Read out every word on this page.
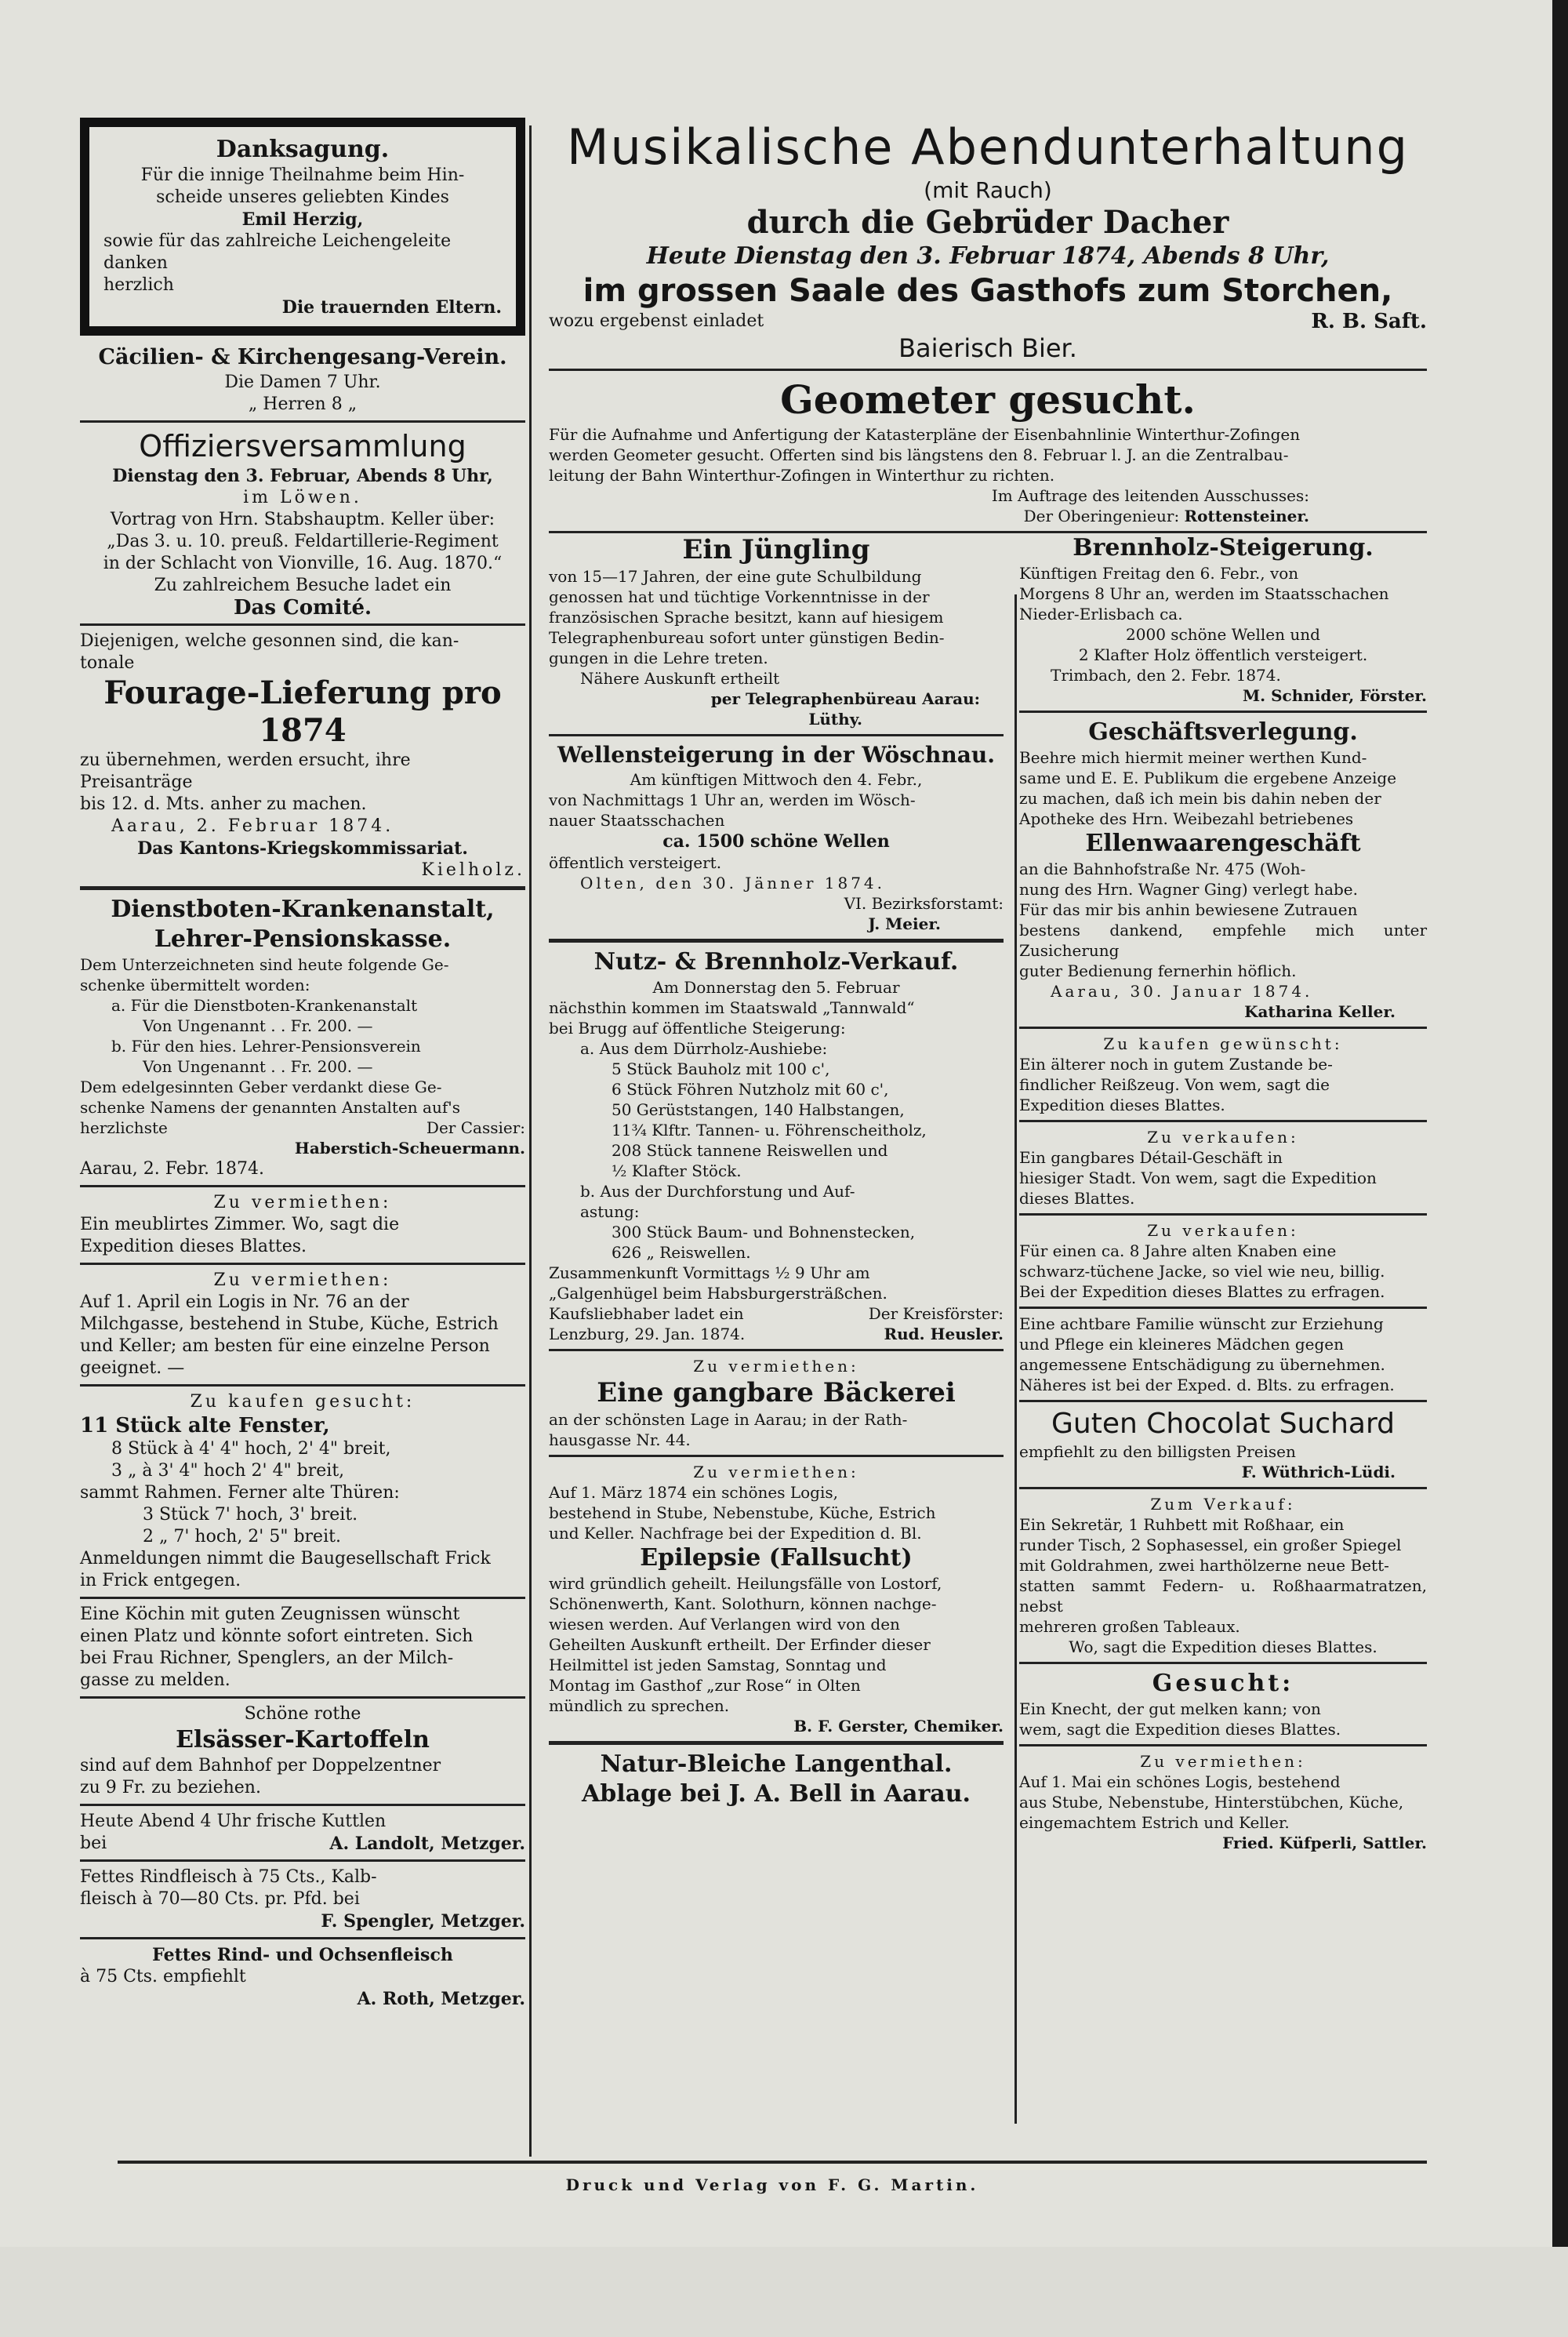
Danksagung.

Für die innige Theilnahme beim Hin-

scheide unseres geliebten Kindes

Emil Herzig,

sowie für das zahlreiche Leichengeleite danken

herzlich

Die trauernden Eltern.

Cäcilien- & Kirchengesang-Verein.

Die Damen 7 Uhr.

„ Herren 8 „

Offiziersversammlung

Dienstag den 3. Februar, Abends 8 Uhr,

im Löwen.

Vortrag von Hrn. Stabshauptm. Keller über:

„Das 3. u. 10. preuß. Feldartillerie-Regiment

in der Schlacht von Vionville, 16. Aug. 1870.“

Zu zahlreichem Besuche ladet ein

Das Comité.

Diejenigen, welche gesonnen sind, die kan-

tonale

Fourage-Lieferung pro 1874

zu übernehmen, werden ersucht, ihre Preisanträge

bis 12. d. Mts. anher zu machen.

Aarau, 2. Februar 1874.

Das Kantons-Kriegskommissariat.

Kielholz.

Dienstboten-Krankenanstalt,

Lehrer-Pensionskasse.

Dem Unterzeichneten sind heute folgende Ge-

schenke übermittelt worden:

a. Für die Dienstboten-Krankenanstalt

Von Ungenannt . . Fr. 200. —

b. Für den hies. Lehrer-Pensionsverein

Von Ungenannt . . Fr. 200. —

Dem edelgesinnten Geber verdankt diese Ge-

schenke Namens der genannten Anstalten auf's

herzlichste	Der Cassier:

Haberstich-Scheuermann.

Aarau, 2. Febr. 1874.

Zu vermiethen:

Ein meublirtes Zimmer. Wo, sagt die

Expedition dieses Blattes.

Zu vermiethen:

Auf 1. April ein Logis in Nr. 76 an der

Milchgasse, bestehend in Stube, Küche, Estrich

und Keller; am besten für eine einzelne Person

geeignet. —

Zu kaufen gesucht:

11 Stück alte Fenster,

8 Stück à 4' 4" hoch, 2' 4" breit,

3 „ à 3' 4" hoch 2' 4" breit,

sammt Rahmen. Ferner alte Thüren:

3 Stück 7' hoch, 3' breit.

2 „ 7' hoch, 2' 5" breit.

Anmeldungen nimmt die Baugesellschaft Frick

in Frick entgegen.

Eine Köchin mit guten Zeugnissen wünscht

einen Platz und könnte sofort eintreten. Sich

bei Frau Richner, Spenglers, an der Milch-

gasse zu melden.

Schöne rothe

Elsässer-Kartoffeln

sind auf dem Bahnhof per Doppelzentner

zu 9 Fr. zu beziehen.

Heute Abend 4 Uhr frische Kuttlen

bei	A. Landolt, Metzger.

Fettes Rindfleisch à 75 Cts., Kalb-

fleisch à 70—80 Cts. pr. Pfd. bei

F. Spengler, Metzger.

Fettes Rind- und Ochsenfleisch

à 75 Cts. empfiehlt

A. Roth, Metzger.

Musikalische Abendunterhaltung

(mit Rauch)

durch die Gebrüder Dacher

Heute Dienstag den 3. Februar 1874, Abends 8 Uhr,

im grossen Saale des Gasthofs zum Storchen,

wozu ergebenst einladet	R. B. Saft.

Baierisch Bier.

Geometer gesucht.

Für die Aufnahme und Anfertigung der Katasterpläne der Eisenbahnlinie Winterthur-Zofingen

werden Geometer gesucht. Offerten sind bis längstens den 8. Februar l. J. an die Zentralbau-

leitung der Bahn Winterthur-Zofingen in Winterthur zu richten.

Im Auftrage des leitenden Ausschusses:

Der Oberingenieur: Rottensteiner.

Ein Jüngling

von 15—17 Jahren, der eine gute Schulbildung

genossen hat und tüchtige Vorkenntnisse in der

französischen Sprache besitzt, kann auf hiesigem

Telegraphenbureau sofort unter günstigen Bedin-

gungen in die Lehre treten.

Nähere Auskunft ertheilt

per Telegraphenbüreau Aarau:

Lüthy.

Wellensteigerung in der Wöschnau.

Am künftigen Mittwoch den 4. Febr.,

von Nachmittags 1 Uhr an, werden im Wösch-

nauer Staatsschachen

ca. 1500 schöne Wellen

öffentlich versteigert.

Olten, den 30. Jänner 1874.

VI. Bezirksforstamt:

J. Meier.

Nutz- & Brennholz-Verkauf.

Am Donnerstag den 5. Februar

nächsthin kommen im Staatswald „Tannwald“

bei Brugg auf öffentliche Steigerung:

a. Aus dem Dürrholz-Aushiebe:

5 Stück Bauholz mit 100 c',

6 Stück Föhren Nutzholz mit 60 c',

50 Gerüststangen, 140 Halbstangen,

11¾ Klftr. Tannen- u. Föhrenscheitholz,

208 Stück tannene Reiswellen und

½ Klafter Stöck.

b. Aus der Durchforstung und Auf-

astung:

300 Stück Baum- und Bohnenstecken,

626 „ Reiswellen.

Zusammenkunft Vormittags ½ 9 Uhr am

„Galgenhügel beim Habsburgersträßchen.

Kaufsliebhaber ladet ein	Der Kreisförster:
Lenzburg, 29. Jan. 1874.	Rud. Heusler.

Zu vermiethen:

Eine gangbare Bäckerei

an der schönsten Lage in Aarau; in der Rath-

hausgasse Nr. 44.

Zu vermiethen:

Auf 1. März 1874 ein schönes Logis,

bestehend in Stube, Nebenstube, Küche, Estrich

und Keller. Nachfrage bei der Expedition d. Bl.

Epilepsie (Fallsucht)

wird gründlich geheilt. Heilungsfälle von Lostorf,

Schönenwerth, Kant. Solothurn, können nachge-

wiesen werden. Auf Verlangen wird von den

Geheilten Auskunft ertheilt. Der Erfinder dieser

Heilmittel ist jeden Samstag, Sonntag und

Montag im Gasthof „zur Rose“ in Olten

mündlich zu sprechen.

B. F. Gerster, Chemiker.

Natur-Bleiche Langenthal.

Ablage bei J. A. Bell in Aarau.

Brennholz-Steigerung.

Künftigen Freitag den 6. Febr., von

Morgens 8 Uhr an, werden im Staatsschachen

Nieder-Erlisbach ca.

2000 schöne Wellen und

2 Klafter Holz öffentlich versteigert.

Trimbach, den 2. Febr. 1874.

M. Schnider, Förster.

Geschäftsverlegung.

Beehre mich hiermit meiner werthen Kund-

same und E. E. Publikum die ergebene Anzeige

zu machen, daß ich mein bis dahin neben der

Apotheke des Hrn. Weibezahl betriebenes

Ellenwaarengeschäft

an die Bahnhofstraße Nr. 475 (Woh-

nung des Hrn. Wagner Ging) verlegt habe.

Für das mir bis anhin bewiesene Zutrauen

bestens dankend, empfehle mich unter Zusicherung

guter Bedienung fernerhin höflich.

Aarau, 30. Januar 1874.

Katharina Keller.

Zu kaufen gewünscht:

Ein älterer noch in gutem Zustande be-

findlicher Reißzeug. Von wem, sagt die

Expedition dieses Blattes.

Zu verkaufen:

Ein gangbares Détail-Geschäft in

hiesiger Stadt. Von wem, sagt die Expedition

dieses Blattes.

Zu verkaufen:

Für einen ca. 8 Jahre alten Knaben eine

schwarz-tüchene Jacke, so viel wie neu, billig.

Bei der Expedition dieses Blattes zu erfragen.

Eine achtbare Familie wünscht zur Erziehung

und Pflege ein kleineres Mädchen gegen

angemessene Entschädigung zu übernehmen.

Näheres ist bei der Exped. d. Blts. zu erfragen.

Guten Chocolat Suchard

empfiehlt zu den billigsten Preisen

F. Wüthrich-Lüdi.

Zum Verkauf:

Ein Sekretär, 1 Ruhbett mit Roßhaar, ein

runder Tisch, 2 Sophasessel, ein großer Spiegel

mit Goldrahmen, zwei harthölzerne neue Bett-

statten sammt Federn- u. Roßhaarmatratzen, nebst

mehreren großen Tableaux.

Wo, sagt die Expedition dieses Blattes.

Gesucht:

Ein Knecht, der gut melken kann; von

wem, sagt die Expedition dieses Blattes.

Zu vermiethen:

Auf 1. Mai ein schönes Logis, bestehend

aus Stube, Nebenstube, Hinterstübchen, Küche,

eingemachtem Estrich und Keller.

Fried. Küfperli, Sattler.

Druck und Verlag von F. G. Martin.
